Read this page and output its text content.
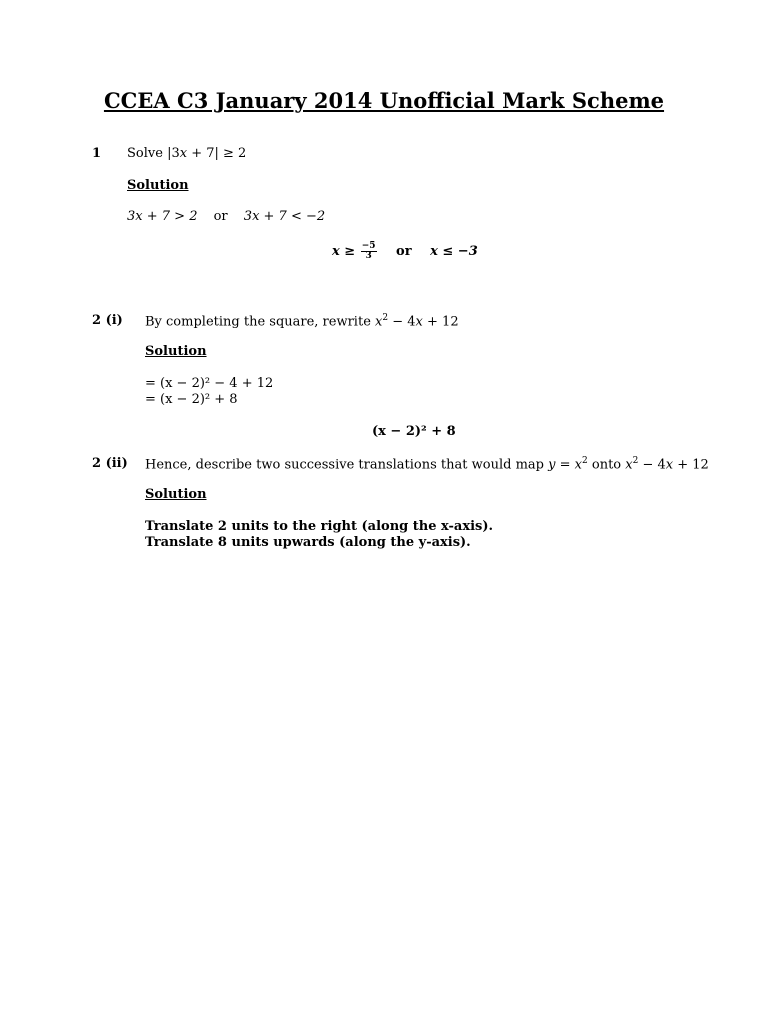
CCEA C3 January 2014 Unofficial Mark Scheme
1 Solve |3x + 7| ≥ 2
Solution
3x + 7 > 2 or 3x + 7 < −2
$x \ge \frac{-5}{3}$ or x ≤ −3
2 (i) By completing the square, rewrite $x^2 - 4x + 12$
Solution
= (x − 2)² − 4 + 12
= (x − 2)² + 8
(x − 2)² + 8
2 (ii) Hence, describe two successive translations that would map $y = x^2$ onto $x^2 - 4x + 12$
Solution
Translate 2 units to the right (along the x-axis).
Translate 8 units upwards (along the y-axis).
